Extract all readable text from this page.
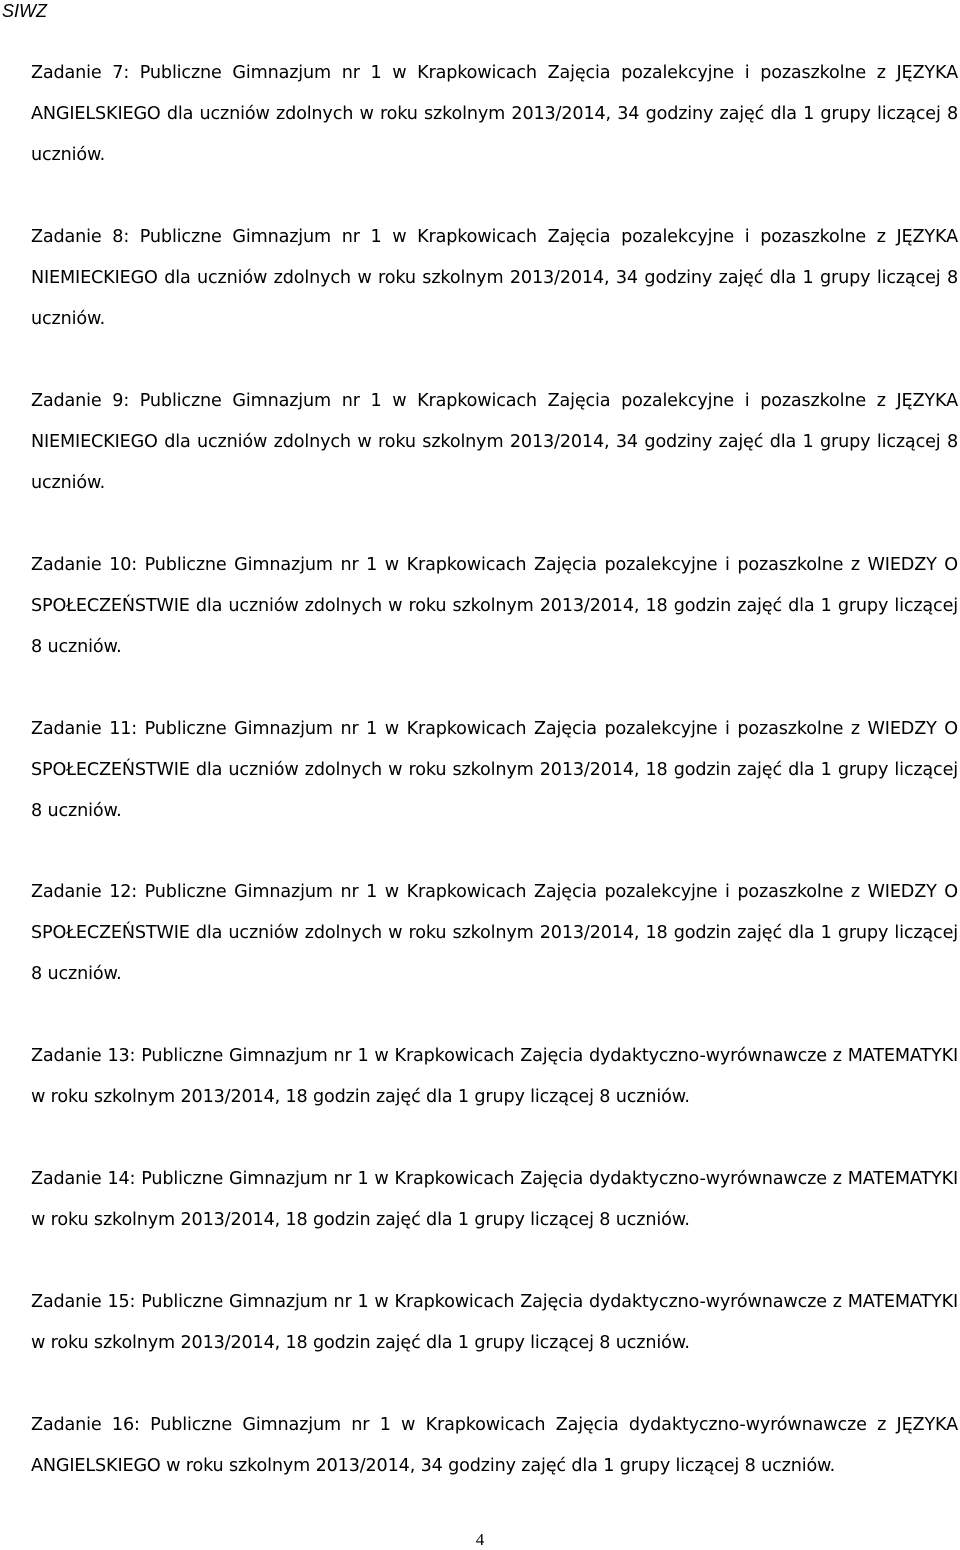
SIWZ
Zadanie 7: Publiczne Gimnazjum nr 1 w Krapkowicach Zajęcia pozalekcyjne i pozaszkolne z JĘZYKA ANGIELSKIEGO dla uczniów zdolnych w roku szkolnym 2013/2014, 34 godziny zajęć dla 1 grupy liczącej 8 uczniów.
Zadanie 8: Publiczne Gimnazjum nr 1 w Krapkowicach Zajęcia pozalekcyjne i pozaszkolne z JĘZYKA NIEMIECKIEGO dla uczniów zdolnych w roku szkolnym 2013/2014, 34 godziny zajęć dla 1 grupy liczącej 8 uczniów.
Zadanie 9: Publiczne Gimnazjum nr 1 w Krapkowicach Zajęcia pozalekcyjne i pozaszkolne z JĘZYKA NIEMIECKIEGO dla uczniów zdolnych w roku szkolnym 2013/2014, 34 godziny zajęć dla 1 grupy liczącej 8 uczniów.
Zadanie 10: Publiczne Gimnazjum nr 1 w Krapkowicach Zajęcia pozalekcyjne i pozaszkolne z WIEDZY O SPOŁECZEŃSTWIE dla uczniów zdolnych w roku szkolnym 2013/2014, 18 godzin zajęć dla 1 grupy liczącej 8 uczniów.
Zadanie 11: Publiczne Gimnazjum nr 1 w Krapkowicach Zajęcia pozalekcyjne i pozaszkolne z WIEDZY O SPOŁECZEŃSTWIE dla uczniów zdolnych w roku szkolnym 2013/2014, 18 godzin zajęć dla 1 grupy liczącej 8 uczniów.
Zadanie 12: Publiczne Gimnazjum nr 1 w Krapkowicach Zajęcia pozalekcyjne i pozaszkolne z WIEDZY O SPOŁECZEŃSTWIE dla uczniów zdolnych w roku szkolnym 2013/2014, 18 godzin zajęć dla 1 grupy liczącej 8 uczniów.
Zadanie 13: Publiczne Gimnazjum nr 1 w Krapkowicach Zajęcia dydaktyczno-wyrównawcze z MATEMATYKI w roku szkolnym 2013/2014, 18 godzin zajęć dla 1 grupy liczącej 8 uczniów.
Zadanie 14: Publiczne Gimnazjum nr 1 w Krapkowicach Zajęcia dydaktyczno-wyrównawcze z MATEMATYKI w roku szkolnym 2013/2014, 18 godzin zajęć dla 1 grupy liczącej 8 uczniów.
Zadanie 15: Publiczne Gimnazjum nr 1 w Krapkowicach Zajęcia dydaktyczno-wyrównawcze z MATEMATYKI w roku szkolnym 2013/2014, 18 godzin zajęć dla 1 grupy liczącej 8 uczniów.
Zadanie 16: Publiczne Gimnazjum nr 1 w Krapkowicach Zajęcia dydaktyczno-wyrównawcze z JĘZYKA ANGIELSKIEGO w roku szkolnym 2013/2014, 34 godziny zajęć dla 1 grupy liczącej 8 uczniów.
4
